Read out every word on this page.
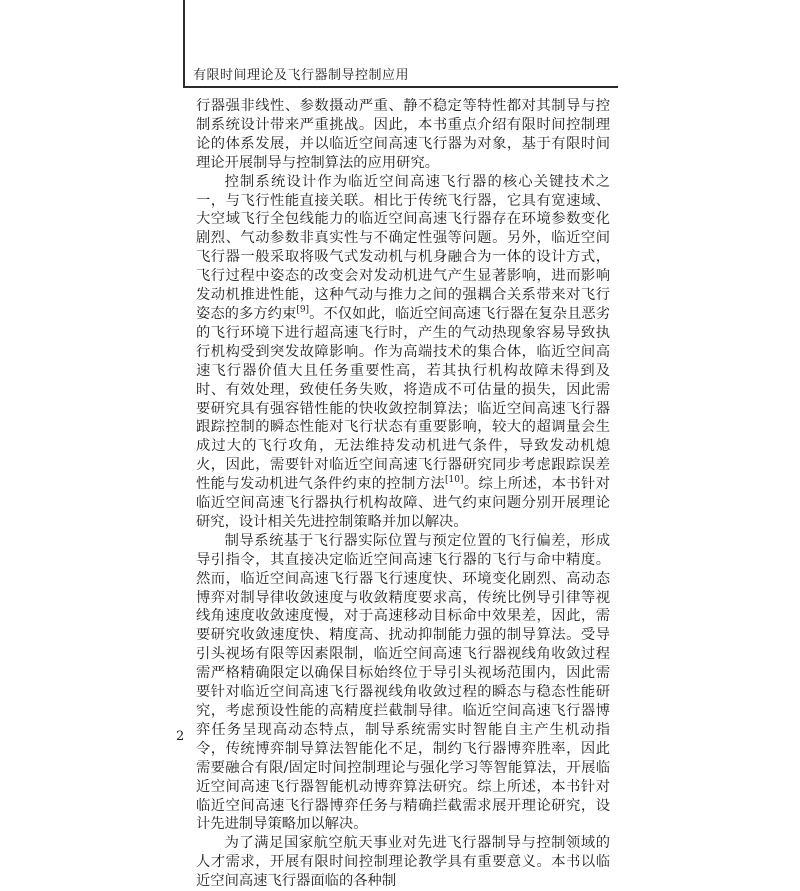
有限时间理论及飞行器制导控制应用

行器强非线性、参数摄动严重、静不稳定等特性都对其制导与控制系统设计带来严重挑战。因此，本书重点介绍有限时间控制理论的体系发展，并以临近空间高速飞行器为对象，基于有限时间理论开展制导与控制算法的应用研究。

控制系统设计作为临近空间高速飞行器的核心关键技术之一，与飞行性能直接关联。相比于传统飞行器，它具有宽速域、大空域飞行全包线能力的临近空间高速飞行器存在环境参数变化剧烈、气动参数非真实性与不确定性强等问题。另外，临近空间飞行器一般采取将吸气式发动机与机身融合为一体的设计方式，飞行过程中姿态的改变会对发动机进气产生显著影响，进而影响发动机推进性能，这种气动与推力之间的强耦合关系带来对飞行姿态的多方约束[9]。不仅如此，临近空间高速飞行器在复杂且恶劣的飞行环境下进行超高速飞行时，产生的气动热现象容易导致执行机构受到突发故障影响。作为高端技术的集合体，临近空间高速飞行器价值大且任务重要性高，若其执行机构故障未得到及时、有效处理，致使任务失败，将造成不可估量的损失，因此需要研究具有强容错性能的快收敛控制算法；临近空间高速飞行器跟踪控制的瞬态性能对飞行状态有重要影响，较大的超调量会生成过大的飞行攻角，无法维持发动机进气条件，导致发动机熄火，因此，需要针对临近空间高速飞行器研究同步考虑跟踪误差性能与发动机进气条件约束的控制方法[10]。综上所述，本书针对临近空间高速飞行器执行机构故障、进气约束问题分别开展理论研究，设计相关先进控制策略并加以解决。

制导系统基于飞行器实际位置与预定位置的飞行偏差，形成导引指令，其直接决定临近空间高速飞行器的飞行与命中精度。然而，临近空间高速飞行器飞行速度快、环境变化剧烈、高动态博弈对制导律收敛速度与收敛精度要求高，传统比例导引律等视线角速度收敛速度慢，对于高速移动目标命中效果差，因此，需要研究收敛速度快、精度高、扰动抑制能力强的制导算法。受导引头视场有限等因素限制，临近空间高速飞行器视线角收敛过程需严格精确限定以确保目标始终位于导引头视场范围内，因此需要针对临近空间高速飞行器视线角收敛过程的瞬态与稳态性能研究，考虑预设性能的高精度拦截制导律。临近空间高速飞行器博弈任务呈现高动态特点，制导系统需实时智能自主产生机动指令，传统博弈制导算法智能化不足，制约飞行器博弈胜率，因此需要融合有限/固定时间控制理论与强化学习等智能算法，开展临近空间高速飞行器智能机动博弈算法研究。综上所述，本书针对临近空间高速飞行器博弈任务与精确拦截需求展开理论研究，设计先进制导策略加以解决。

为了满足国家航空航天事业对先进飞行器制导与控制领域的人才需求，开展有限时间控制理论教学具有重要意义。本书以临近空间高速飞行器面临的各种制

2
